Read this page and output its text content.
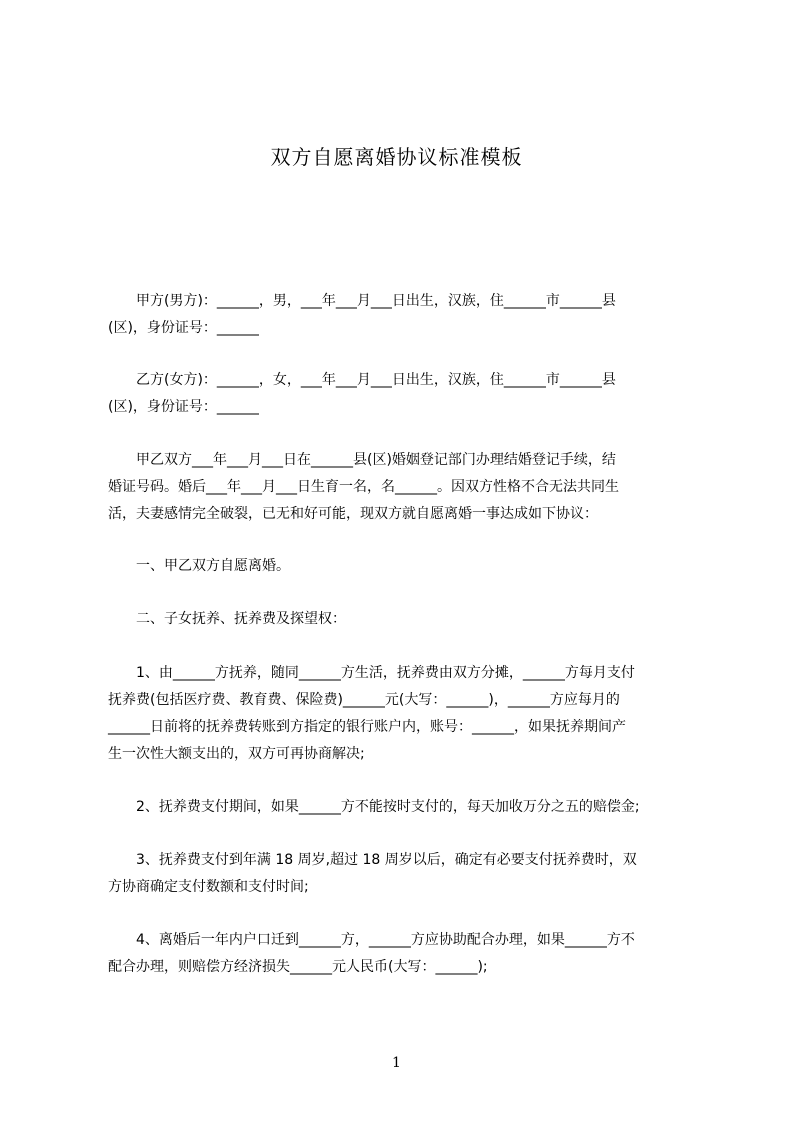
双方自愿离婚协议标准模板

　　甲方(男方)：______，男，___年___月___日出生，汉族，住______市______县
(区)，身份证号：______

　　乙方(女方)：______，女，___年___月___日出生，汉族，住______市______县
(区)，身份证号：______

　　甲乙双方___年___月___日在______县(区)婚姻登记部门办理结婚登记手续，结
婚证号码。婚后___年___月___日生育一名，名______。因双方性格不合无法共同生
活，夫妻感情完全破裂，已无和好可能，现双方就自愿离婚一事达成如下协议：

　　一、甲乙双方自愿离婚。

　　二、子女抚养、抚养费及探望权：

　　1、由______方抚养，随同______方生活，抚养费由双方分摊，______方每月支付
抚养费(包括医疗费、教育费、保险费)______元(大写：______)，______方应每月的
______日前将的抚养费转账到方指定的银行账户内，账号：______，如果抚养期间产
生一次性大额支出的，双方可再协商解决;

　　2、抚养费支付期间，如果______方不能按时支付的，每天加收万分之五的赔偿金;

　　3、抚养费支付到年满 18 周岁,超过 18 周岁以后，确定有必要支付抚养费时，双
方协商确定支付数额和支付时间;

　　4、离婚后一年内户口迁到______方，______方应协助配合办理，如果______方不
配合办理，则赔偿方经济损失______元人民币(大写：______);

1
